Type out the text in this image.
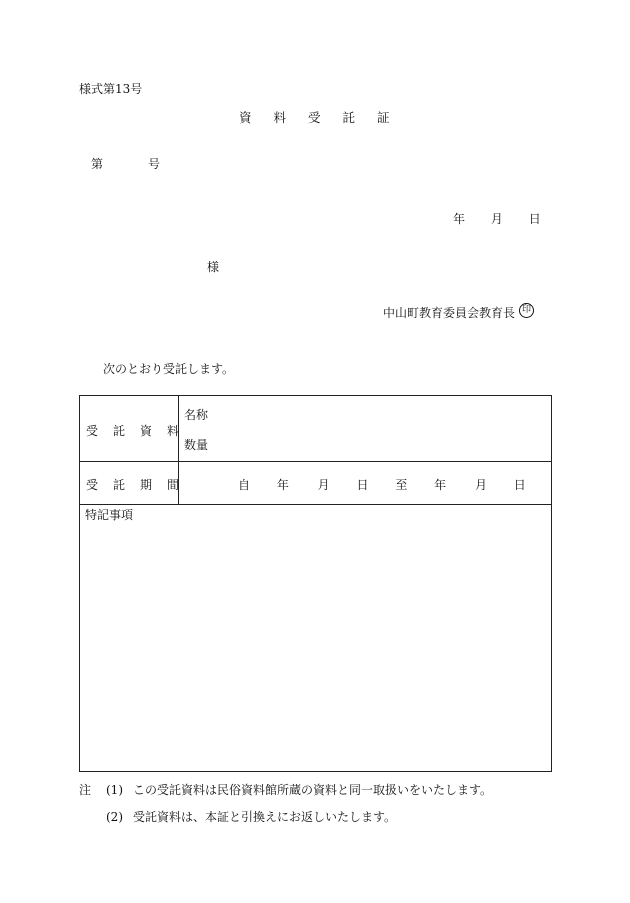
様式第13号
資料受託証
第	号
年 月 日
様
中山町教育委員会教育長 印
次のとおり受託します。
受託資料
名称
数量
受託期間	自 年 月 日 至 年 月 日
特記事項
注 (1) この受託資料は民俗資料館所蔵の資料と同一取扱いをいたします。
(2) 受託資料は、本証と引換えにお返しいたします。
